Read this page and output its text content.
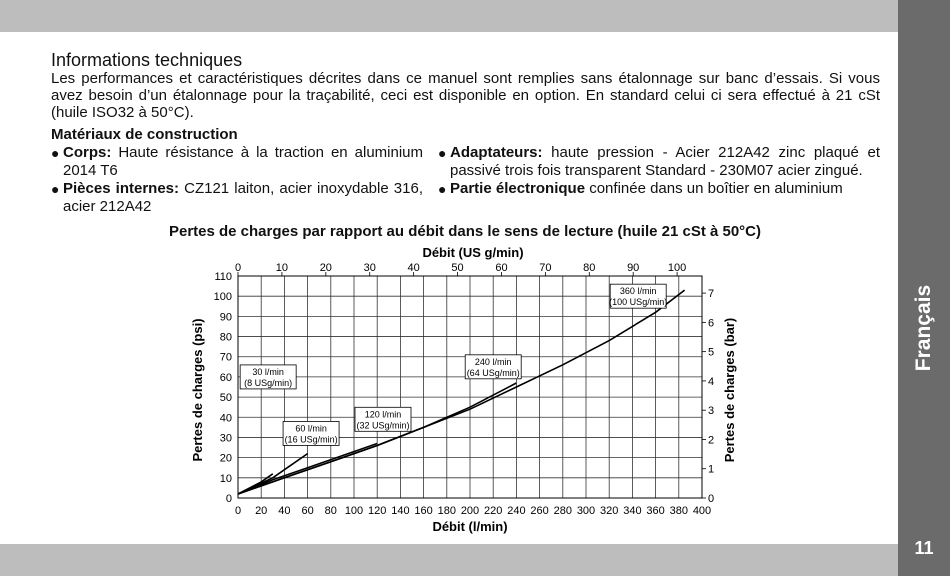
Français
11
Informations techniques

Les performances et caractéristiques décrites dans ce manuel sont remplies sans étalonnage sur banc d’essais. Si vous avez besoin d’un étalonnage pour la traçabilité, ceci est disponible en option. En standard celui ci sera effectué à 21 cSt (huile ISO32 à 50°C).

Matériaux de construction
● Corps: Haute résistance à la traction en aluminium 2014 T6
● Pièces internes: CZ121 laiton, acier inoxydable 316, acier 212A42
● Adaptateurs: haute pression - Acier 212A42 zinc plaqué et passivé trois fois transparent Standard - 230M07 acier zingué.
● Partie électronique confinée dans un boîtier en aluminium
Pertes de charges par rapport au débit dans le sens de lecture (huile 21 cSt à 50°C)
0 20 40 60 80 100 120 140 160 180 200 220 240 260 280 300 320 340 360 380 400
0
10
20
30
40
50
60
70
80
90
100
110
0	10	20	30	40	50	60	70	80	90	100
0
1
2
3
4
5
6
7
30 l/min
(8 USg/min)
60 l/min
(16 USg/min)
120 l/min
(32 USg/min)
240 l/min
(64 USg/min)
360 l/min
(100 USg/min)
Débit (l/min)
Débit (US g/min)
Pertes de charges (psi)	Pertes de charges (bar)
